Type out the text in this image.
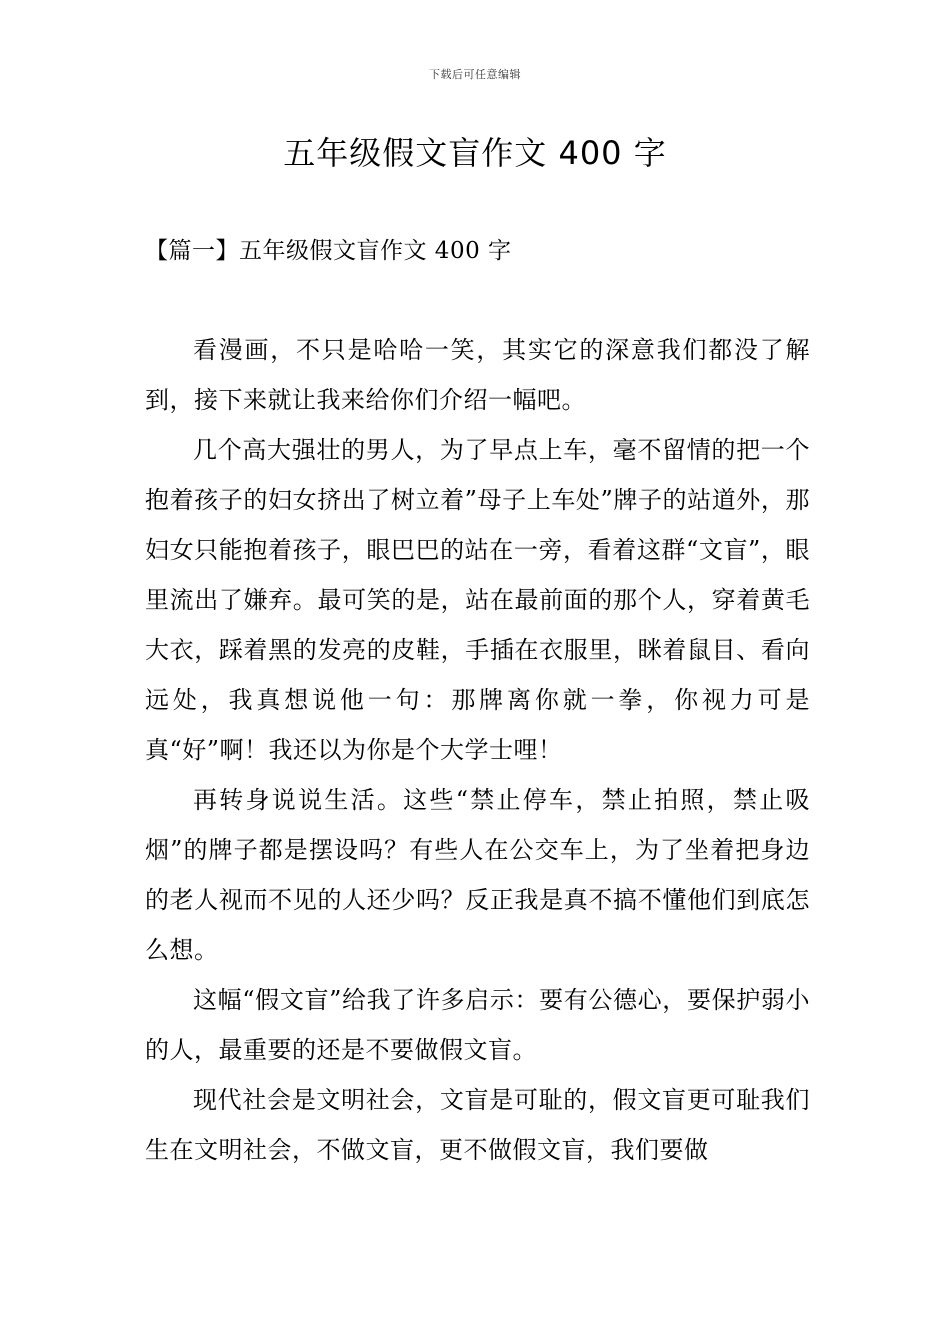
下载后可任意编辑
五年级假文盲作文 400 字
【篇一】五年级假文盲作文 400 字

看漫画，不只是哈哈一笑，其实它的深意我们都没了解到，接下来就让我来给你们介绍一幅吧。

几个高大强壮的男人，为了早点上车，毫不留情的把一个抱着孩子的妇女挤出了树立着”母子上车处”牌子的站道外，那妇女只能抱着孩子，眼巴巴的站在一旁，看着这群“文盲”，眼里流出了嫌弃。最可笑的是，站在最前面的那个人，穿着黄毛大衣，踩着黑的发亮的皮鞋，手插在衣服里，眯着鼠目、看向远处，我真想说他一句：那牌离你就一拳，你视力可是真“好”啊！我还以为你是个大学士哩！

再转身说说生活。这些“禁止停车，禁止拍照，禁止吸烟”的牌子都是摆设吗？有些人在公交车上，为了坐着把身边的老人视而不见的人还少吗？反正我是真不搞不懂他们到底怎么想。

这幅“假文盲”给我了许多启示：要有公德心，要保护弱小的人，最重要的还是不要做假文盲。

现代社会是文明社会，文盲是可耻的，假文盲更可耻我们生在文明社会，不做文盲，更不做假文盲，我们要做
